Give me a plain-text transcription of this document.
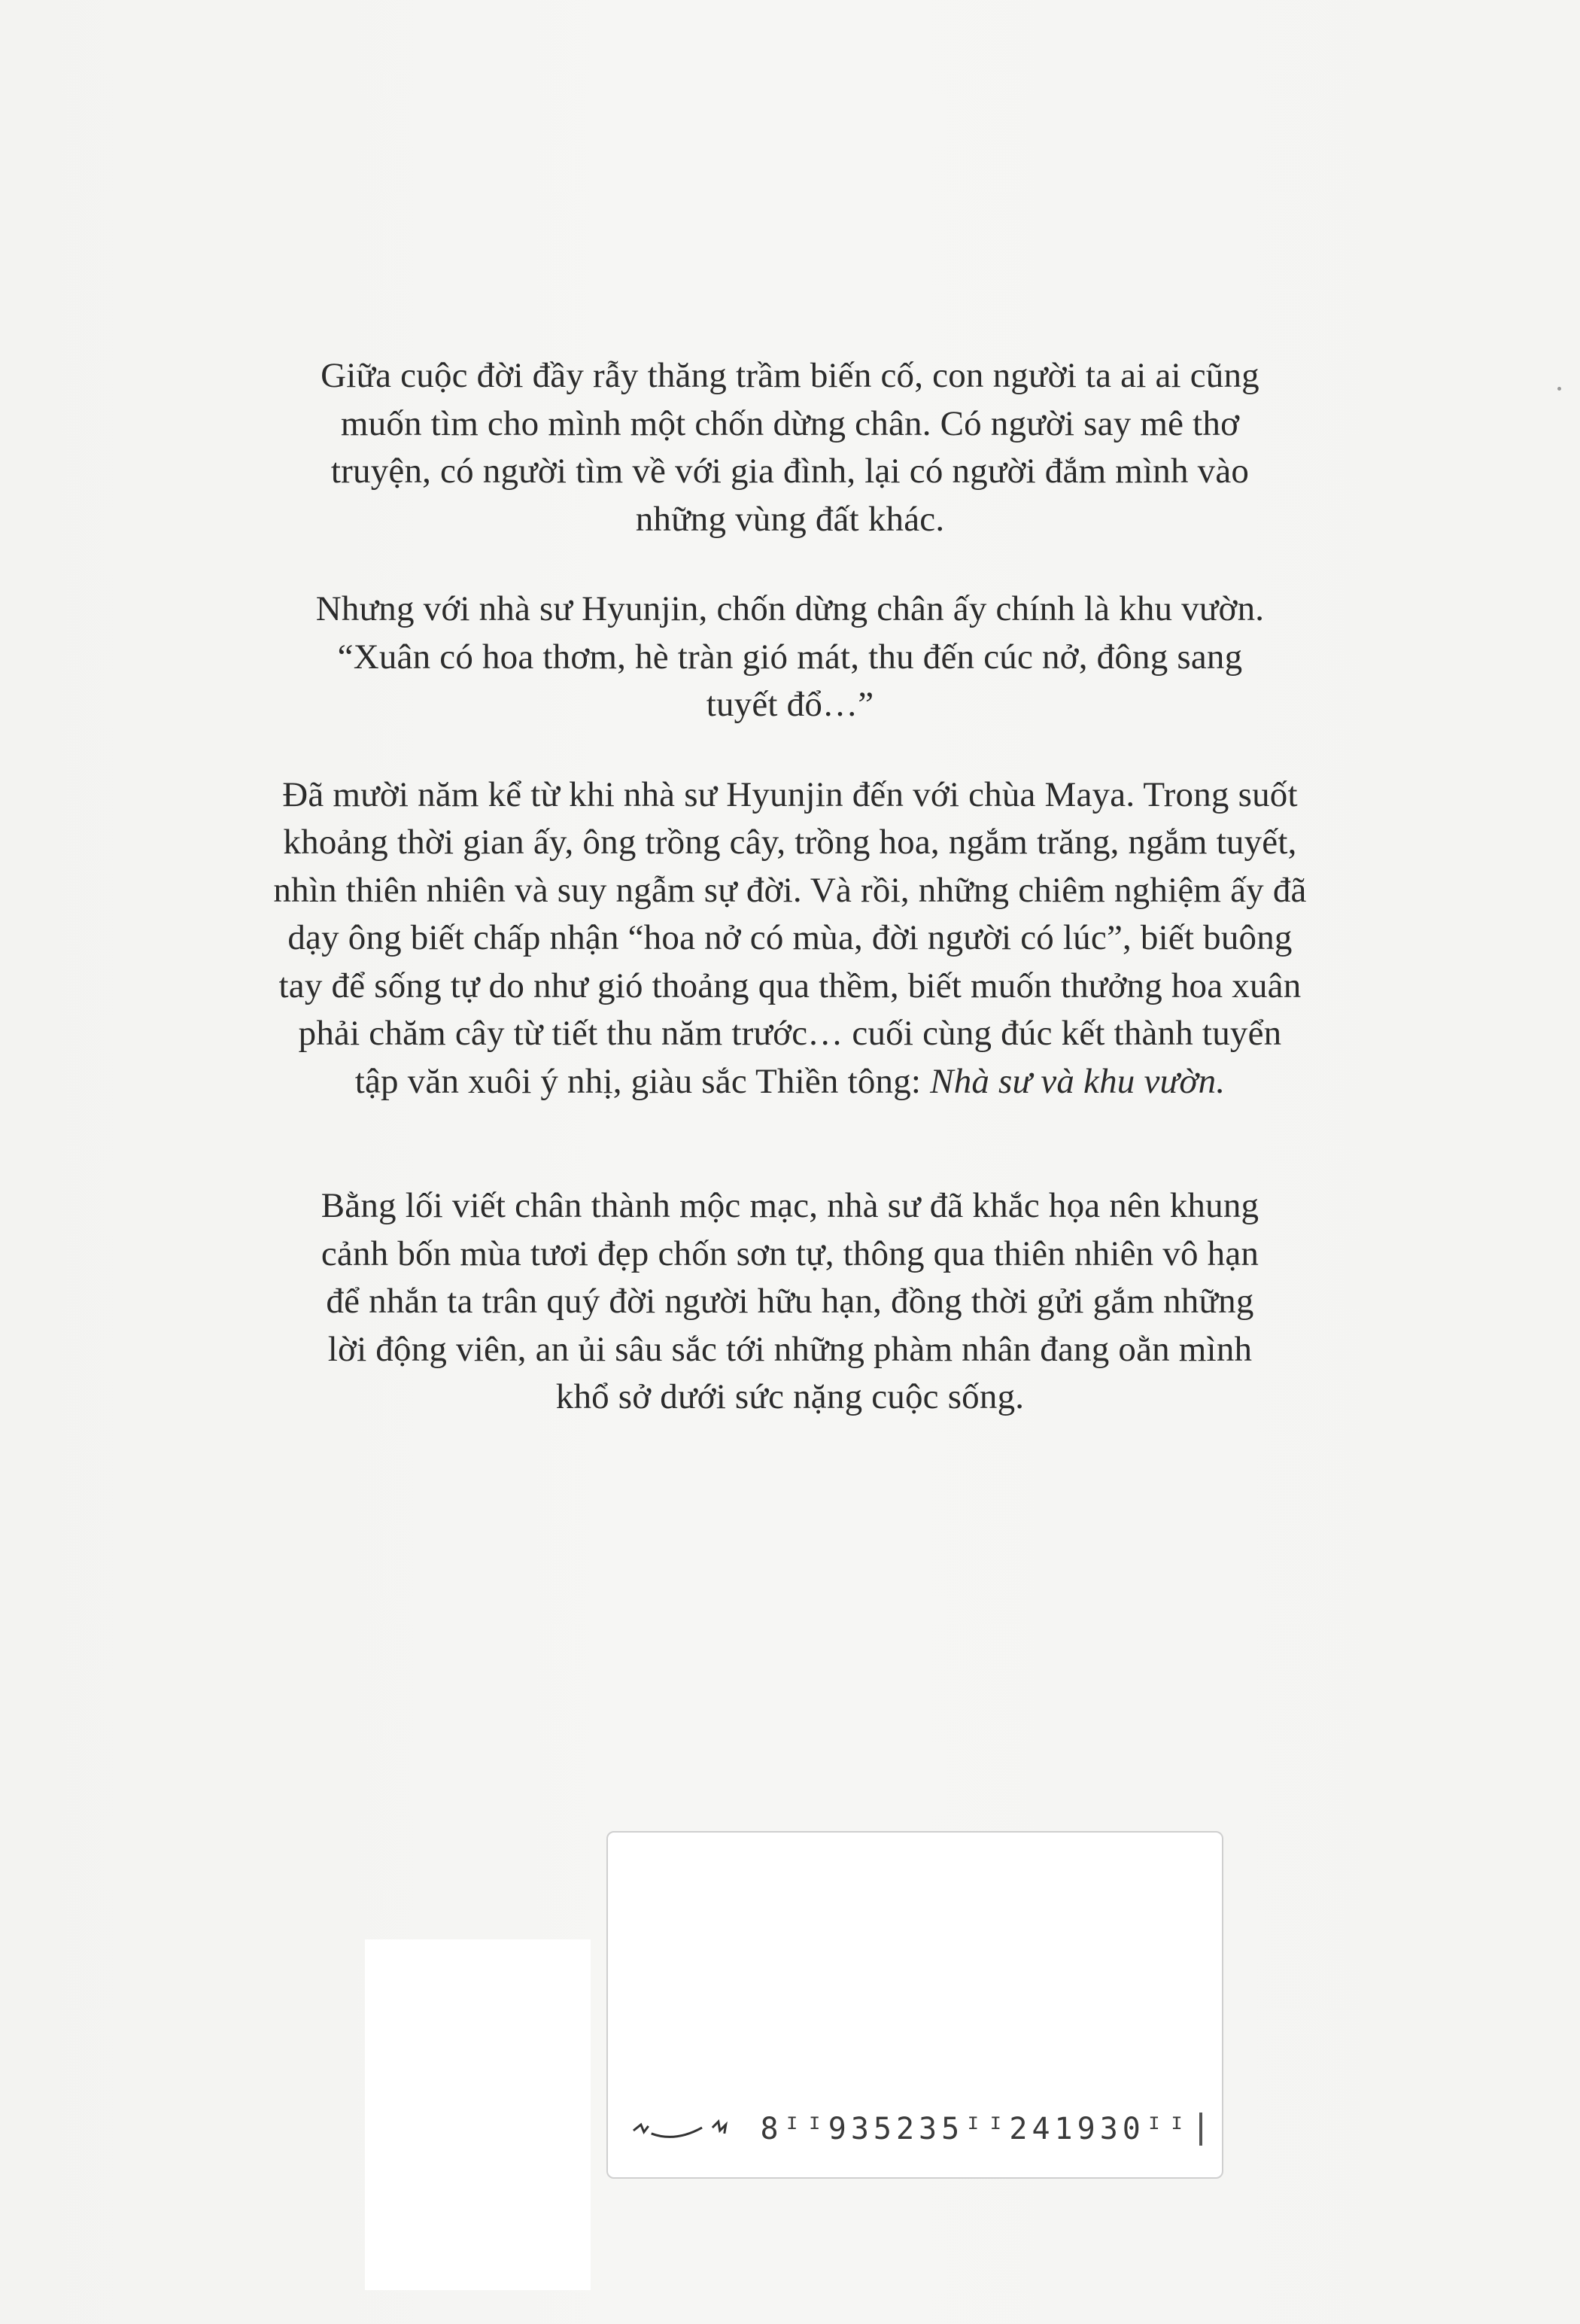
Giữa cuộc đời đầy rẫy thăng trầm biến cố, con người ta ai ai cũng
muốn tìm cho mình một chốn dừng chân. Có người say mê thơ
truyện, có người tìm về với gia đình, lại có người đắm mình vào
những vùng đất khác.

Nhưng với nhà sư Hyunjin, chốn dừng chân ấy chính là khu vườn.
“Xuân có hoa thơm, hè tràn gió mát, thu đến cúc nở, đông sang
tuyết đổ…”

Đã mười năm kể từ khi nhà sư Hyunjin đến với chùa Maya. Trong suốt
khoảng thời gian ấy, ông trồng cây, trồng hoa, ngắm trăng, ngắm tuyết,
nhìn thiên nhiên và suy ngẫm sự đời. Và rồi, những chiêm nghiệm ấy đã
dạy ông biết chấp nhận “hoa nở có mùa, đời người có lúc”, biết buông
tay để sống tự do như gió thoảng qua thềm, biết muốn thưởng hoa xuân
phải chăm cây từ tiết thu năm trước… cuối cùng đúc kết thành tuyển
tập văn xuôi ý nhị, giàu sắc Thiền tông: Nhà sư và khu vườn.

Bằng lối viết chân thành mộc mạc, nhà sư đã khắc họa nên khung
cảnh bốn mùa tươi đẹp chốn sơn tự, thông qua thiên nhiên vô hạn
để nhắn ta trân quý đời người hữu hạn, đồng thời gửi gắm những
lời động viên, an ủi sâu sắc tới những phàm nhân đang oằn mình
khổ sở dưới sức nặng cuộc sống.

8ᴵᴵ935235ᴵᴵ241930ᴵᴵ
